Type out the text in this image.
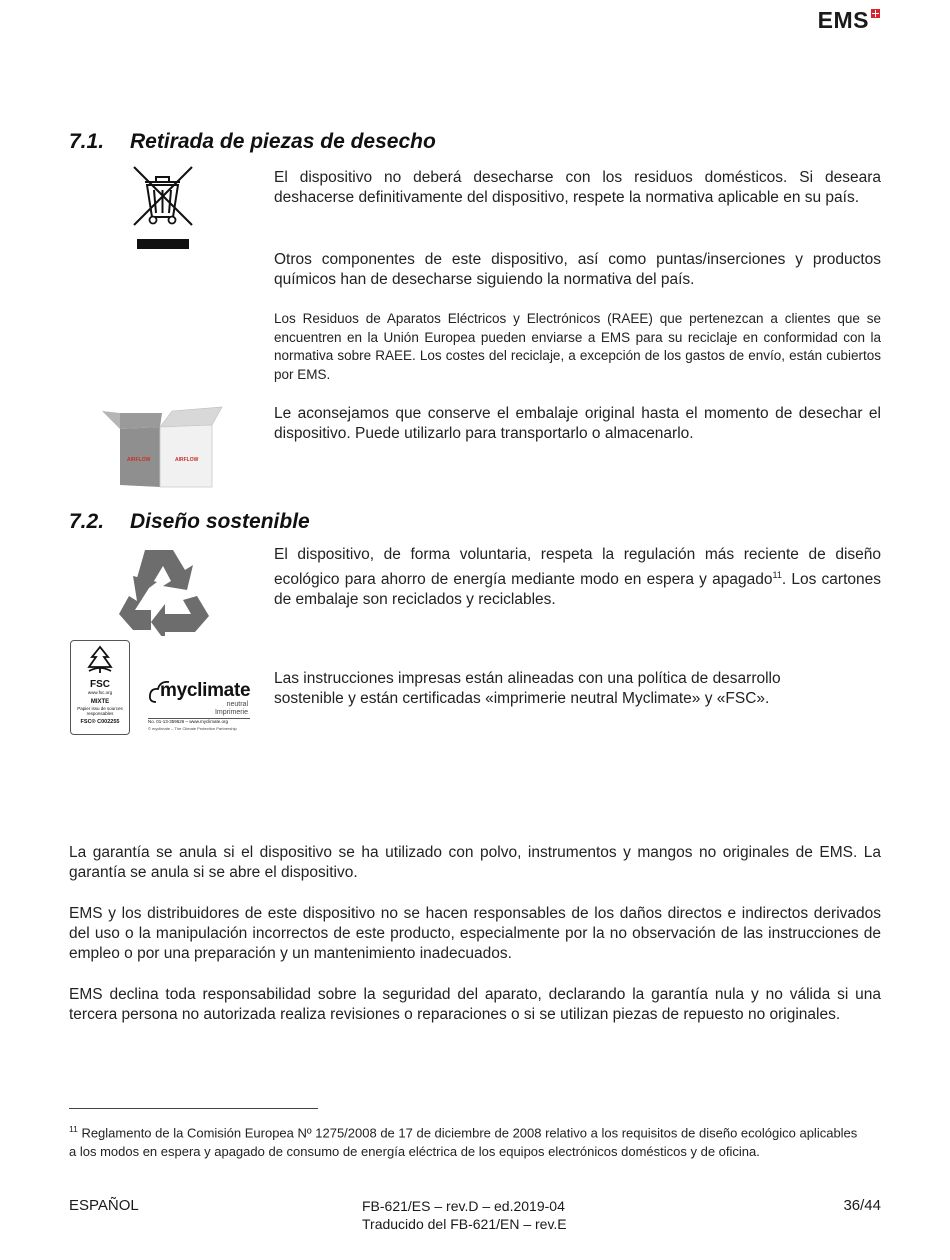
EMS
7.1. Retirada de piezas de desecho

El dispositivo no deberá desecharse con los residuos domésticos. Si deseara deshacerse definitivamente del dispositivo, respete la normativa aplicable en su país.

Otros componentes de este dispositivo, así como puntas/inserciones y productos químicos han de desecharse siguiendo la normativa del país.

Los Residuos de Aparatos Eléctricos y Electrónicos (RAEE) que pertenezcan a clientes que se encuentren en la Unión Europea pueden enviarse a EMS para su reciclaje en conformidad con la normativa sobre RAEE. Los costes del reciclaje, a excepción de los gastos de envío, están cubiertos por EMS.

AIRFLOW	AIRFLOW

Le aconsejamos que conserve el embalaje original hasta el momento de desechar el dispositivo. Puede utilizarlo para transportarlo o almacenarlo.

7.2. Diseño sostenible

El dispositivo, de forma voluntaria, respeta la regulación más reciente de diseño ecológico para ahorro de energía mediante modo en espera y apagado$^{11}$. Los cartones de embalaje son reciclados y reciclables.

FSC
www.fsc.org
MIXTE
Papier issu de sources responsables
FSC® C002255
myclimate
neutral
Imprimerie
No. 01-13-359626 – www.myclimate.org
© myclimate – The Climate Protection Partnership

Las instrucciones impresas están alineadas con una política de desarrollo sostenible y están certificadas «imprimerie neutral Myclimate» y «FSC».

La garantía se anula si el dispositivo se ha utilizado con polvo, instrumentos y mangos no originales de EMS. La garantía se anula si se abre el dispositivo.

EMS y los distribuidores de este dispositivo no se hacen responsables de los daños directos e indirectos derivados del uso o la manipulación incorrectos de este producto, especialmente por la no observación de las instrucciones de empleo o por una preparación y un mantenimiento inadecuados.

EMS declina toda responsabilidad sobre la seguridad del aparato, declarando la garantía nula y no válida si una tercera persona no autorizada realiza revisiones o reparaciones o si se utilizan piezas de repuesto no originales.

$^{11}$ Reglamento de la Comisión Europea Nº 1275/2008 de 17 de diciembre de 2008 relativo a los requisitos de diseño ecológico aplicables a los modos en espera y apagado de consumo de energía eléctrica de los equipos electrónicos domésticos y de oficina.

ESPAÑOL	FB-621/ES – rev.D – ed.2019-04
Traducido del FB-621/EN – rev.E
36/44
